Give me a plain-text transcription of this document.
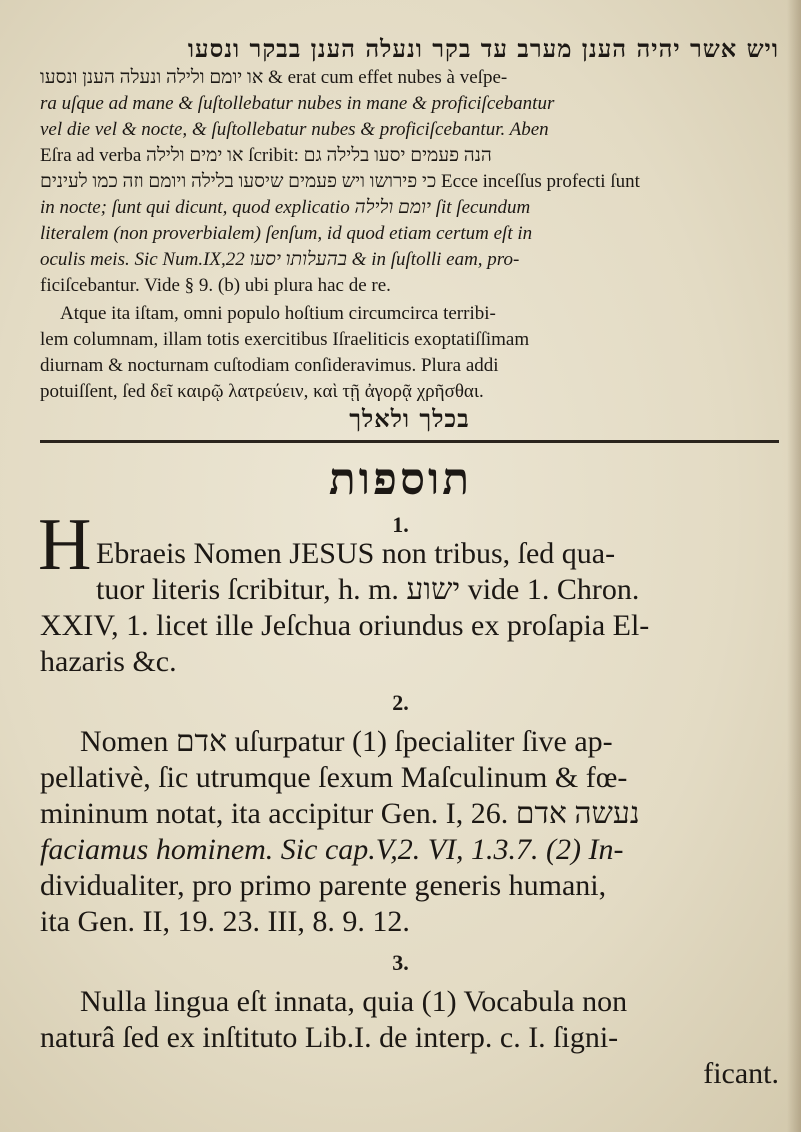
ויש אשר יהיה הענן מערב עד בקר ונעלה הענן בבקר ונסעו
או יומם ולילה ונעלה הענן ונסעו & erat cum effet nubes à veſpe-
ra uſque ad mane & ſuſtollebatur nubes in mane & proficiſcebantur
vel die vel & nocte, & ſuſtollebatur nubes & proficiſcebantur. Aben
Eſra ad verba או ימים ולילה ſcribit: הנה פעמים יסעו בלילה גם
כי פירושו ויש פעמים שיסעו בלילה ויומם וזה כמו לעינים Ecce inceſſus profecti ſunt
in nocte; ſunt qui dicunt, quod explicatio יומם ולילה ſit ſecundum
literalem (non proverbialem) ſenſum, id quod etiam certum eſt in
oculis meis. Sic Num.IX,22 בהעלותו יסעו & in ſuſtolli eam, pro-
ficiſcebantur. Vide § 9. (b) ubi plura hac de re.
Atque ita iſtam, omni populo hoſtium circumcirca terribi-
lem columnam, illam totis exercitibus Iſraeliticis exoptatiſſimam
diurnam & nocturnam cuſtodiam conſideravimus. Plura addi
potuiſſent, ſed δεῖ καιρῷ λατρεύειν, καὶ τῇ ἀγορᾷ χρῆσθαι.
בכלך ולאלך
תוספות
1.
H Ebraeis Nomen JESUS non tribus, ſed qua-
tuor literis ſcribitur, h. m. ישוע vide 1. Chron.
XXIV, 1. licet ille Jeſchua oriundus ex proſapia El-
hazaris &c.
2.
Nomen אדם uſurpatur (1) ſpecialiter ſive ap-
pellativè, ſic utrumque ſexum Maſculinum & fœ-
mininum notat, ita accipitur Gen. I, 26. נעשה אדם
faciamus hominem. Sic cap.V,2. VI, 1.3.7. (2) In-
dividualiter, pro primo parente generis humani,
ita Gen. II, 19. 23. III, 8. 9. 12.
3.
Nulla lingua eſt innata, quia (1) Vocabula non
naturâ ſed ex inſtituto Lib.I. de interp. c. I. ſigni-
ficant.
